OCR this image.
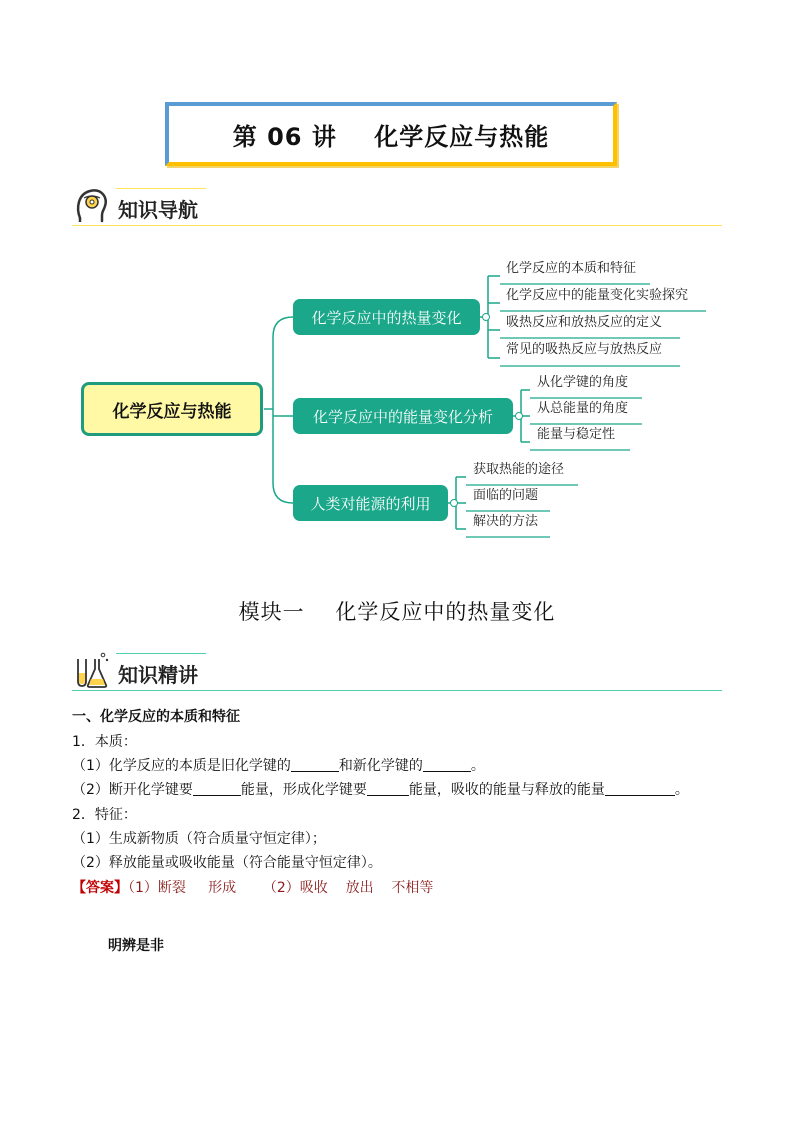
第 06 讲    化学反应与热能
知识导航
化学反应与热能
化学反应中的热量变化
化学反应中的能量变化分析
人类对能源的利用
化学反应的本质和特征
化学反应中的能量变化实验探究
吸热反应和放热反应的定义
常见的吸热反应与放热反应
从化学键的角度
从总能量的角度
能量与稳定性
获取热能的途径
面临的问题
解决的方法
模块一    化学反应中的热量变化
知识精讲
一、化学反应的本质和特征
1．本质：
（1）化学反应的本质是旧化学键的	和新化学键的	。
（2）断开化学键要	能量，形成化学键要	能量，吸收的能量与释放的能量	。
2．特征：
（1）生成新物质（符合质量守恒定律）；
（2）释放能量或吸收能量（符合能量守恒定律）。
【答案】（1）断裂     形成      （2）吸收    放出    不相等
明辨是非
